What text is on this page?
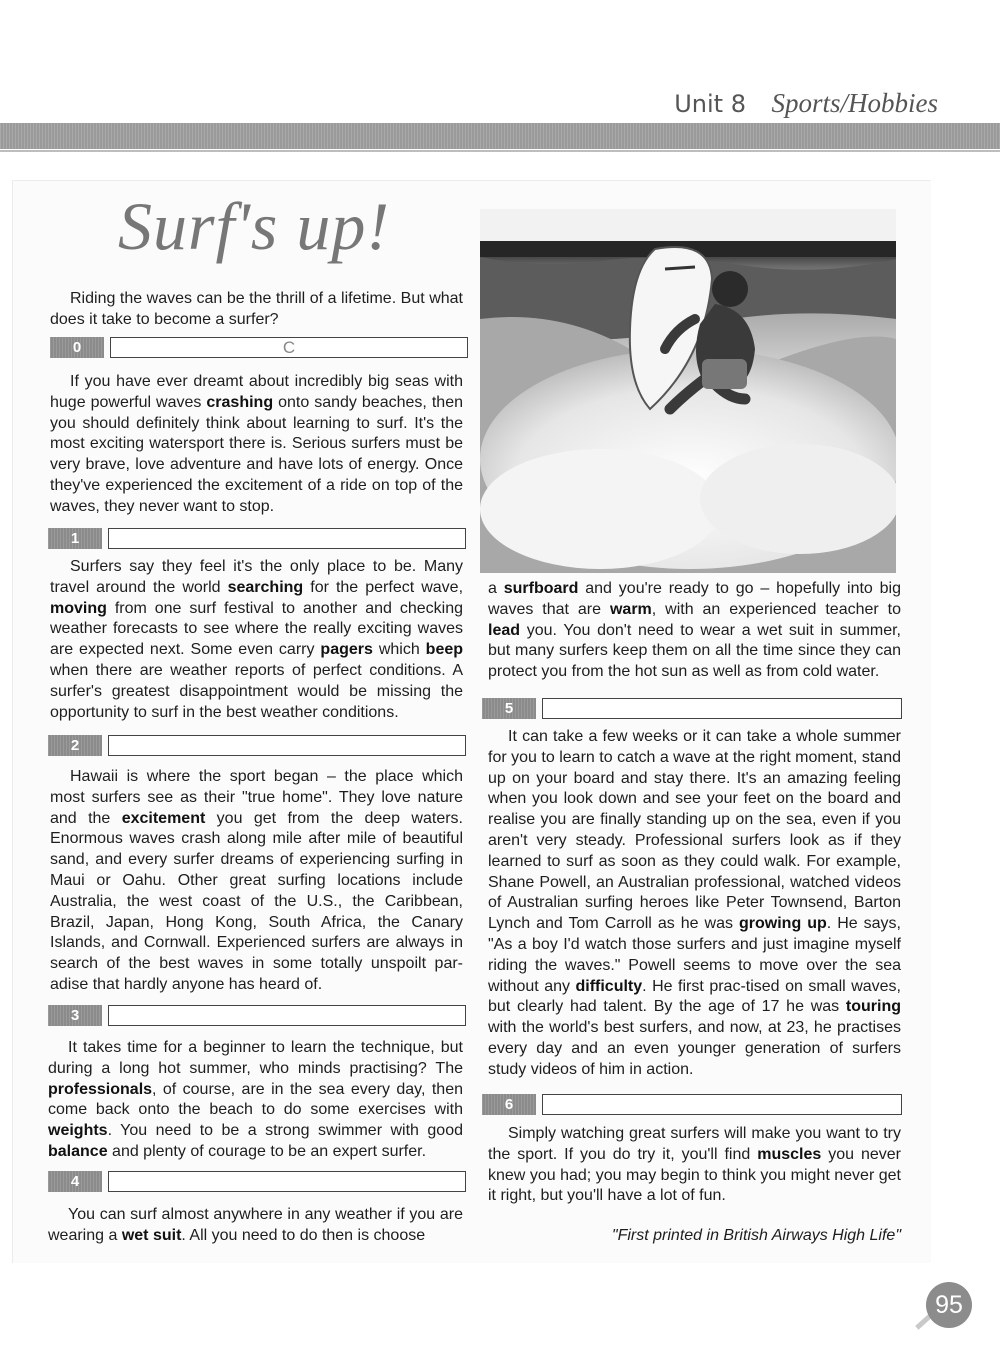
Unit 8 Sports/Hobbies
Surf's up!

Riding the waves can be the thrill of a lifetime. But what does it take to become a surfer?

0	C

If you have ever dreamt about incredibly big seas with huge powerful waves crashing onto sandy beaches, then you should definitely think about learning to surf. It's the most exciting watersport there is. Serious surfers must be very brave, love adventure and have lots of energy. Once they've experienced the excitement of a ride on top of the waves, they never want to stop.

1

Surfers say they feel it's the only place to be. Many travel around the world searching for the perfect wave, moving from one surf festival to another and checking weather forecasts to see where the really exciting waves are expected next. Some even carry pagers which beep when there are weather reports of perfect conditions. A surfer's greatest disappointment would be missing the opportunity to surf in the best weather conditions.

2

Hawaii is where the sport began – the place which most surfers see as their "true home". They love nature and the excitement you get from the deep waters. Enormous waves crash along mile after mile of beautiful sand, and every surfer dreams of experiencing surfing in Maui or Oahu. Other great surfing locations include Australia, the west coast of the U.S., the Caribbean, Brazil, Japan, Hong Kong, South Africa, the Canary Islands, and Cornwall. Experienced surfers are always in search of the best waves in some totally unspoilt par-adise that hardly anyone has heard of.

3

It takes time for a beginner to learn the technique, but during a long hot summer, who minds practising? The professionals, of course, are in the sea every day, then come back onto the beach to do some exercises with weights. You need to be a strong swimmer with good balance and plenty of courage to be an expert surfer.

4

You can surf almost anywhere in any weather if you are wearing a wet suit. All you need to do then is choose

a surfboard and you're ready to go – hopefully into big waves that are warm, with an experienced teacher to lead you. You don't need to wear a wet suit in summer, but many surfers keep them on all the time since they can protect you from the hot sun as well as from cold water.

5

It can take a few weeks or it can take a whole summer for you to learn to catch a wave at the right moment, stand up on your board and stay there. It's an amazing feeling when you look down and see your feet on the board and realise you are finally standing up on the sea, even if you aren't very steady. Professional surfers look as if they learned to surf as soon as they could walk. For example, Shane Powell, an Australian professional, watched videos of Australian surfing heroes like Peter Townsend, Barton Lynch and Tom Carroll as he was growing up. He says, "As a boy I'd watch those surfers and just imagine myself riding the waves." Powell seems to move over the sea without any difficulty. He first prac-tised on small waves, but clearly had talent. By the age of 17 he was touring with the world's best surfers, and now, at 23, he practises every day and an even younger generation of surfers study videos of him in action.

6

Simply watching great surfers will make you want to try the sport. If you do try it, you'll find muscles you never knew you had; you may begin to think you might never get it right, but you'll have a lot of fun.

"First printed in British Airways High Life"
95
